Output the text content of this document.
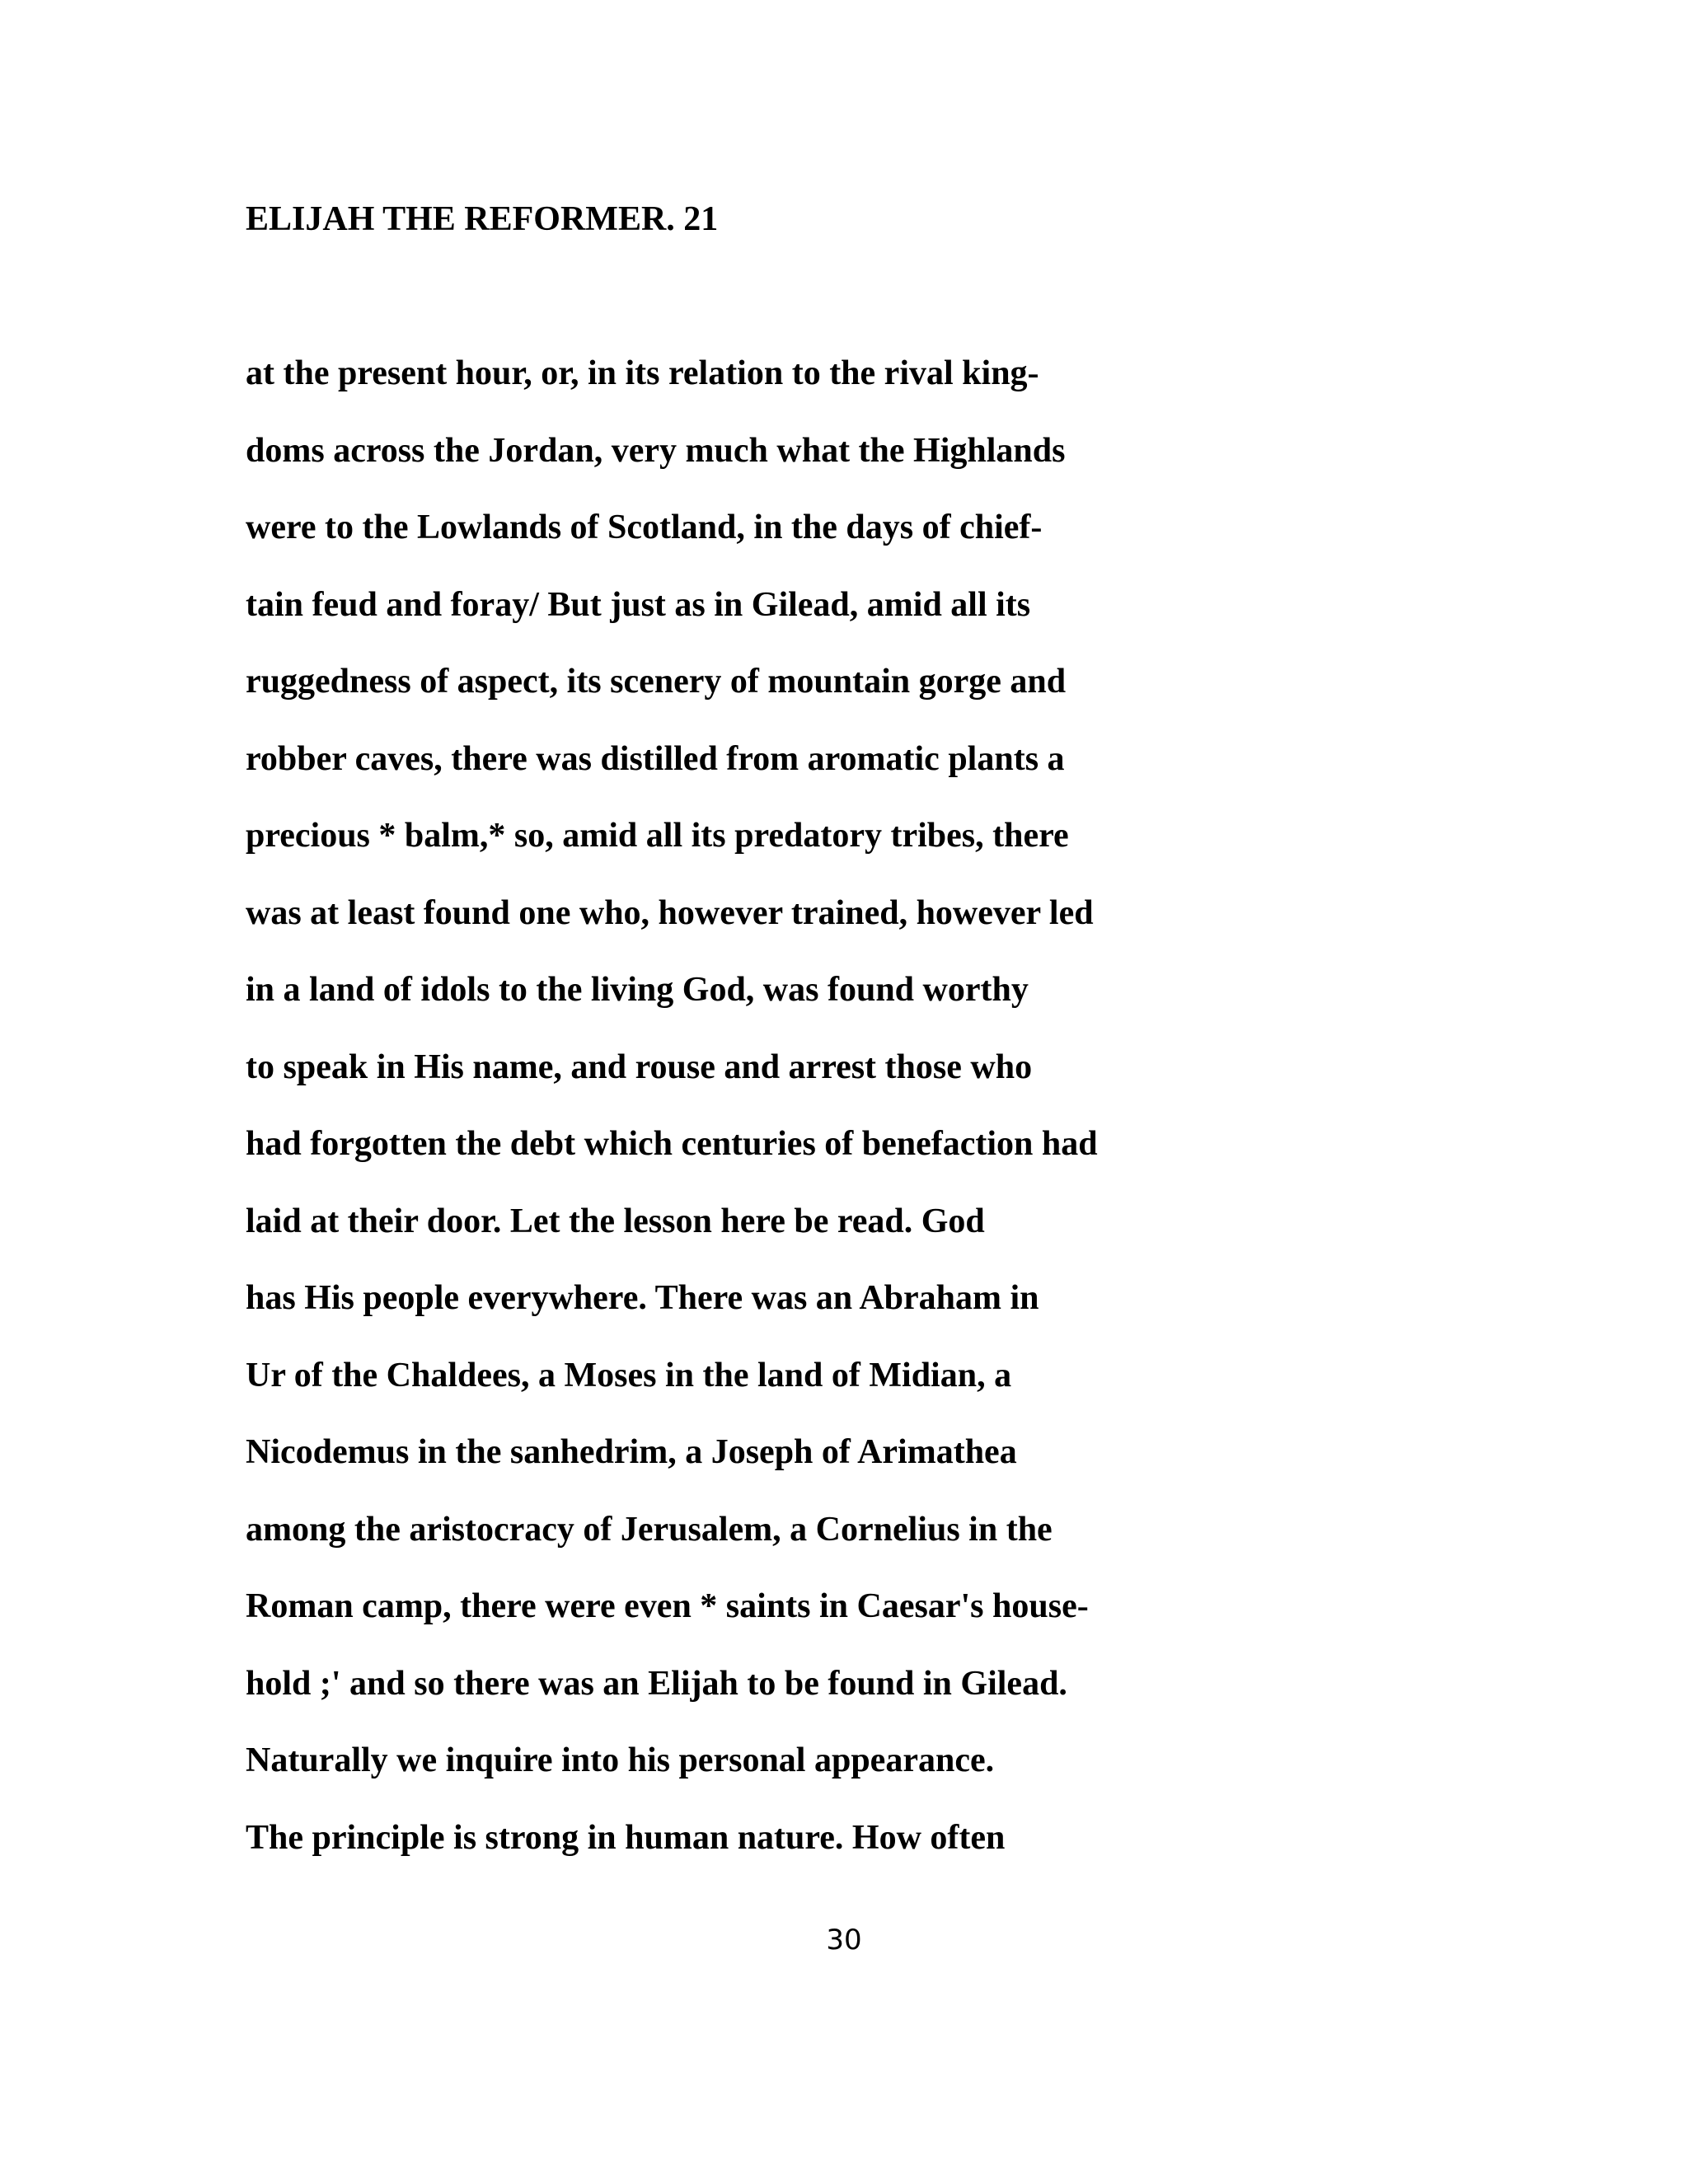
ELIJAH THE REFORMER. 21
at the present hour, or, in its relation to the rival king-
doms across the Jordan, very much what the Highlands
were to the Lowlands of Scotland, in the days of chief-
tain feud and foray/ But just as in Gilead, amid all its
ruggedness of aspect, its scenery of mountain gorge and
robber caves, there was distilled from aromatic plants a
precious * balm,* so, amid all its predatory tribes, there
was at least found one who, however trained, however led
in a land of idols to the living God, was found worthy
to speak in His name, and rouse and arrest those who
had forgotten the debt which centuries of benefaction had
laid at their door. Let the lesson here be read. God
has His people everywhere. There was an Abraham in
Ur of the Chaldees, a Moses in the land of Midian, a
Nicodemus in the sanhedrim, a Joseph of Arimathea
among the aristocracy of Jerusalem, a Cornelius in the
Roman camp, there were even * saints in Caesar's house-
hold ;' and so there was an Elijah to be found in Gilead.
Naturally we inquire into his personal appearance.
The principle is strong in human nature. How often
30
